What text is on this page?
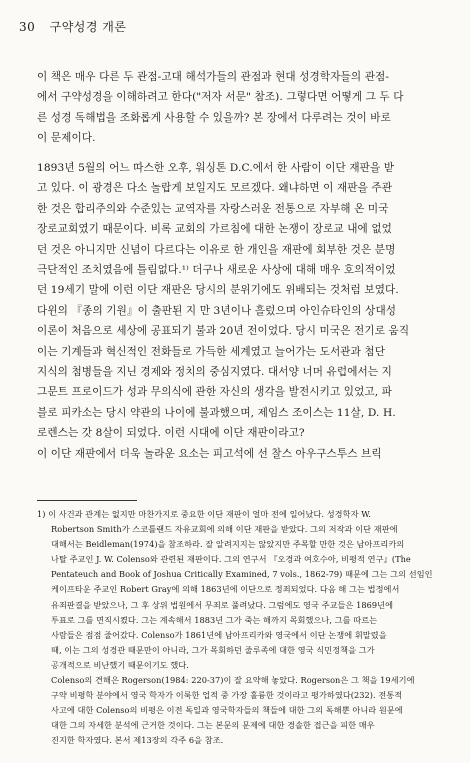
30 구약성경 개론
이 책은 매우 다른 두 관점-고대 해석가들의 관점과 현대 성경학자들의 관점-
에서 구약성경을 이해하려고 한다("저자 서문" 참조). 그렇다면 어떻게 그 두 다
른 성경 독해법을 조화롭게 사용할 수 있을까? 본 장에서 다루려는 것이 바로
이 문제이다.
1893년 5월의 어느 따스한 오후, 워싱톤 D.C.에서 한 사람이 이단 재판을 받
고 있다. 이 광경은 다소 놀랍게 보일지도 모르겠다. 왜냐하면 이 재판을 주관
한 것은 합리주의와 수준있는 교역자를 자랑스러운 전통으로 자부해 온 미국
장로교회였기 때문이다. 비록 교회의 가르침에 대한 논쟁이 장로교 내에 없었
던 것은 아니지만 신념이 다르다는 이유로 한 개인을 재판에 회부한 것은 분명
극단적인 조치였음에 틀림없다.¹⁾ 더구나 새로운 사상에 대해 매우 호의적이었
던 19세기 말에 이런 이단 재판은 당시의 분위기에도 위배되는 것처럼 보였다.
다윈의 『종의 기원』이 출판된 지 만 3년이나 흘렀으며 아인슈타인의 상대성
이론이 처음으로 세상에 공표되기 불과 20년 전이었다. 당시 미국은 전기로 움직
이는 기계들과 혁신적인 전화들로 가득한 세계였고 늘어가는 도서관과 첨단
지식의 첨병들을 지닌 경제와 정치의 중심지였다. 대서양 너머 유럽에서는 지
그문트 프로이드가 성과 무의식에 관한 자신의 생각을 발전시키고 있었고, 파
블로 피카소는 당시 약관의 나이에 불과했으며, 제임스 조이스는 11살, D. H.
로렌스는 갓 8살이 되었다. 이런 시대에 이단 재판이라고?
이 이단 재판에서 더욱 놀라운 요소는 피고석에 선 찰스 아우구스투스 브릭
1) 이 사건과 관계는 없지만 마찬가지로 중요한 이단 재판이 얼마 전에 일어났다. 성경학자 W.
Robertson Smith가 스코틀랜드 자유교회에 의해 이단 재판을 받았다. 그의 저작과 이단 재판에
대해서는 Beidleman(1974)을 참조하라. 잘 알려지지는 않았지만 주목할 만한 것은 남아프리카의
나탈 주교인 J. W. Colenso와 관련된 재판이다. 그의 연구서 『오경과 여호수아, 비평적 연구』(The
Pentateuch and Book of Joshua Critically Examined, 7 vols., 1862-79) 때문에 그는 그의 선임인
케이프타운 주교인 Robert Gray에 의해 1863년에 이단으로 정죄되었다. 다음 해 그는 법정에서
유죄판결을 받았으나, 그 후 상위 법원에서 무죄로 풀려났다. 그럼에도 영국 주교들은 1869년에
투표로 그를 면직시켰다. 그는 계속해서 1883년 그가 죽는 해까지 목회했으나, 그를 따르는
사람들은 점점 줄어갔다. Colenso가 1861년에 남아프리카와 영국에서 이단 논쟁에 휘말렸을
때, 이는 그의 성경관 때문만이 아니라, 그가 목회하던 줄루족에 대한 영국 식민정책을 그가
공개적으로 비난했기 때문이기도 했다.
Colenso의 견해은 Rogerson(1984: 220-37)이 잘 요약해 놓았다. Rogerson은 그 책을 19세기에
구약 비평학 분야에서 영국 학자가 이룩한 업적 중 가장 훌륭한 것이라고 평가하였다(232). 전통적
사고에 대한 Colenso의 비평은 이전 독일과 영국학자들의 책들에 대한 그의 독해뿐 아니라 원문에
대한 그의 자세한 분석에 근거한 것이다. 그는 본문의 문제에 대한 경솔한 접근을 피한 매우
진지한 학자였다. 본서 제13장의 각주 6을 참조.
